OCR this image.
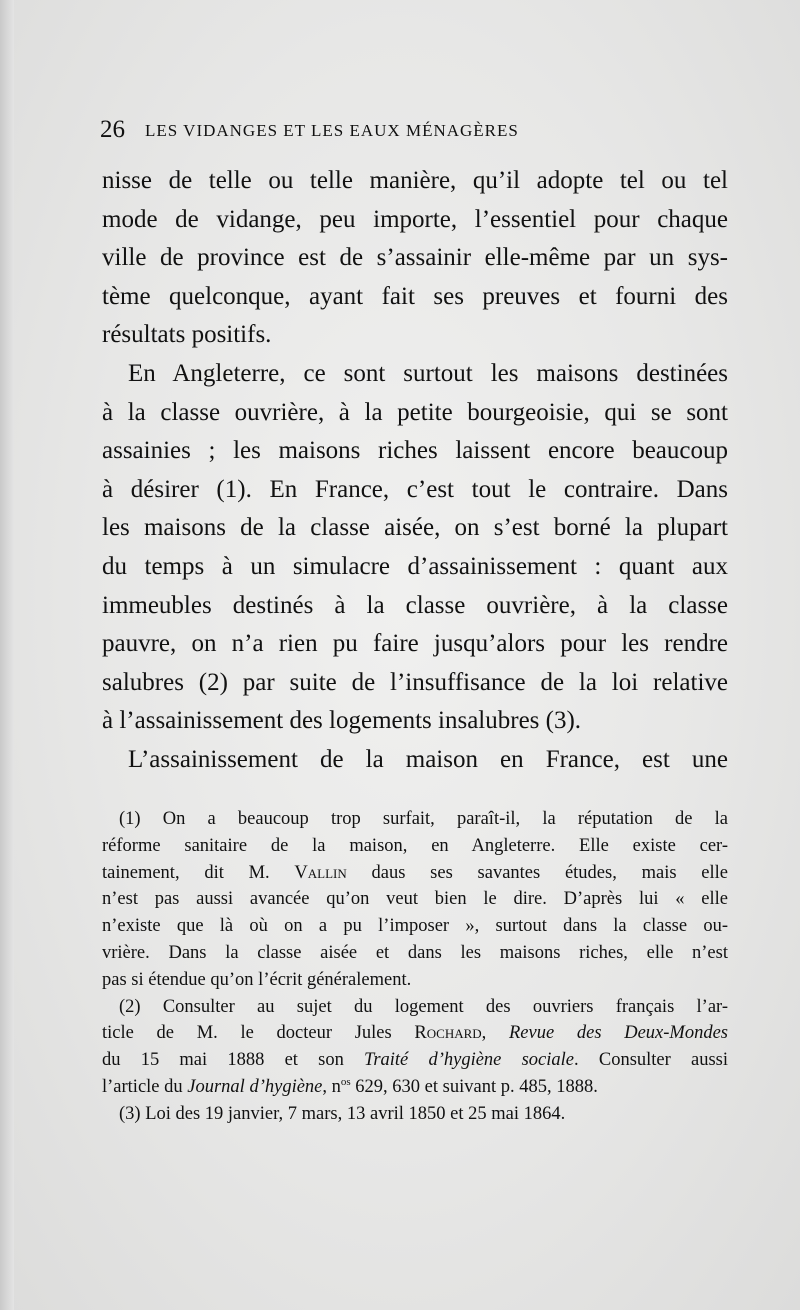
26 LES VIDANGES ET LES EAUX MÉNAGÈRES
nisse de telle ou telle manière, qu’il adopte tel ou tel
mode de vidange, peu importe, l’essentiel pour chaque
ville de province est de s’assainir elle-même par un sys-
tème quelconque, ayant fait ses preuves et fourni des
résultats positifs.
En Angleterre, ce sont surtout les maisons destinées
à la classe ouvrière, à la petite bourgeoisie, qui se sont
assainies ; les maisons riches laissent encore beaucoup
à désirer (1). En France, c’est tout le contraire. Dans
les maisons de la classe aisée, on s’est borné la plupart
du temps à un simulacre d’assainissement : quant aux
immeubles destinés à la classe ouvrière, à la classe
pauvre, on n’a rien pu faire jusqu’alors pour les rendre
salubres (2) par suite de l’insuffisance de la loi relative
à l’assainissement des logements insalubres (3).
L’assainissement de la maison en France, est une
(1) On a beaucoup trop surfait, paraît-il, la réputation de la
réforme sanitaire de la maison, en Angleterre. Elle existe cer-
tainement, dit M. Vallin daus ses savantes études, mais elle
n’est pas aussi avancée qu’on veut bien le dire. D’après lui « elle
n’existe que là où on a pu l’imposer », surtout dans la classe ou-
vrière. Dans la classe aisée et dans les maisons riches, elle n’est
pas si étendue qu’on l’écrit généralement.
(2) Consulter au sujet du logement des ouvriers français l’ar-
ticle de M. le docteur Jules Rochard, Revue des Deux-Mondes
du 15 mai 1888 et son Traité d’hygiène sociale. Consulter aussi
l’article du Journal d’hygiène, $n^{os}$ 629, 630 et suivant p. 485, 1888.
(3) Loi des 19 janvier, 7 mars, 13 avril 1850 et 25 mai 1864.
